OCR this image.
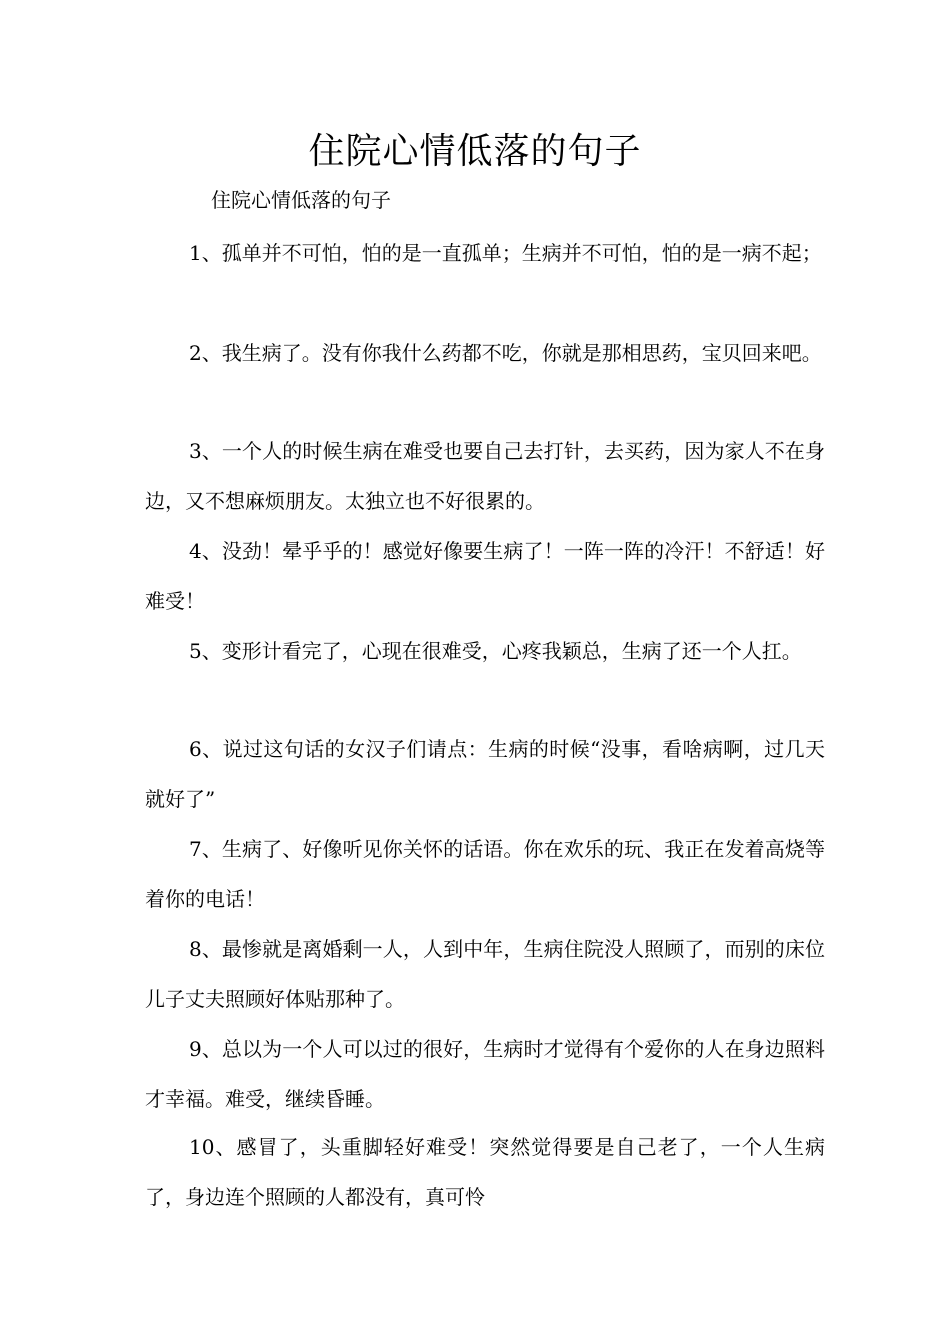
住院心情低落的句子
住院心情低落的句子
1、孤单并不可怕，怕的是一直孤单；生病并不可怕，怕的是一病不起；
2、我生病了。没有你我什么药都不吃，你就是那相思药，宝贝回来吧。
3、一个人的时候生病在难受也要自己去打针，去买药，因为家人不在身边，又不想麻烦朋友。太独立也不好很累的。
4、没劲！晕乎乎的！感觉好像要生病了！一阵一阵的冷汗！不舒适！好难受！
5、变形计看完了，心现在很难受，心疼我颖总，生病了还一个人扛。
6、说过这句话的女汉子们请点：生病的时候“没事，看啥病啊，过几天就好了”
7、生病了、好像听见你关怀的话语。你在欢乐的玩、我正在发着高烧等着你的电话！
8、最惨就是离婚剩一人，人到中年，生病住院没人照顾了，而别的床位儿子丈夫照顾好体贴那种了。
9、总以为一个人可以过的很好，生病时才觉得有个爱你的人在身边照料才幸福。难受，继续昏睡。
10、感冒了，头重脚轻好难受！突然觉得要是自己老了，一个人生病了，身边连个照顾的人都没有，真可怜
